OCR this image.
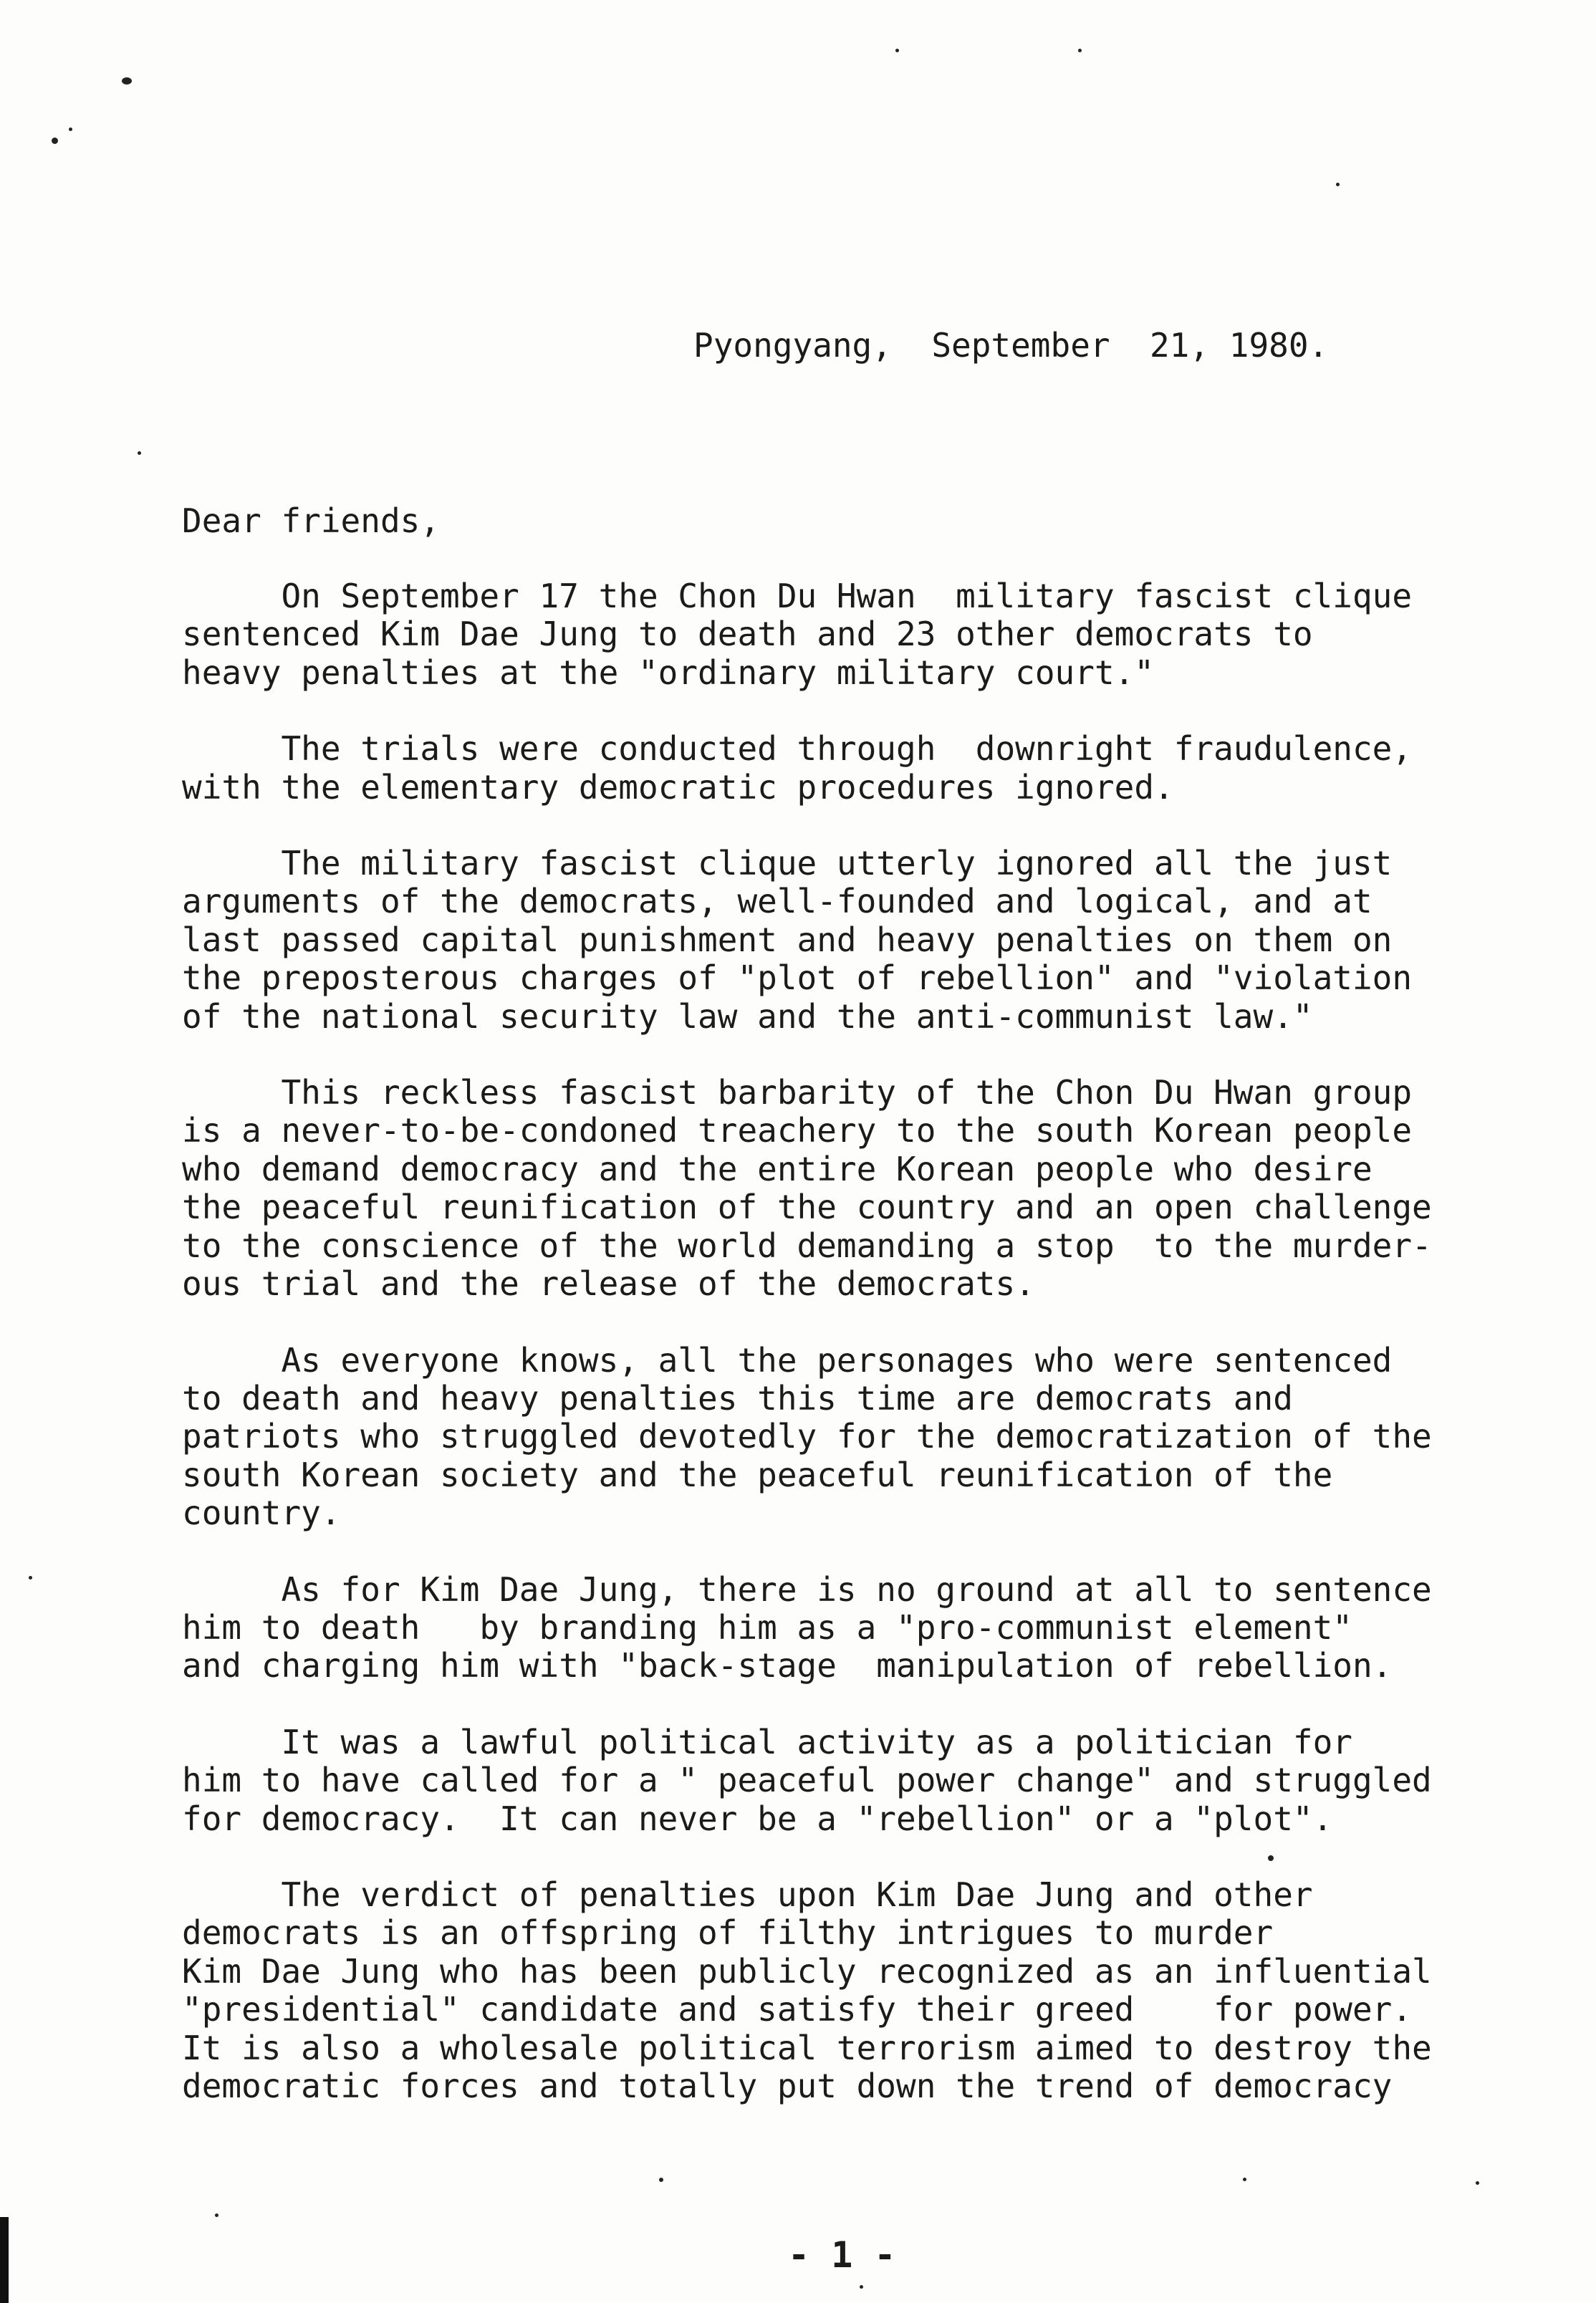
Pyongyang,  September  21, 1980.
Dear friends,

On September 17 the Chon Du Hwan  military fascist clique
sentenced Kim Dae Jung to death and 23 other democrats to
heavy penalties at the "ordinary military court."

The trials were conducted through  downright fraudulence,
with the elementary democratic procedures ignored.

The military fascist clique utterly ignored all the just
arguments of the democrats, well-founded and logical, and at
last passed capital punishment and heavy penalties on them on
the preposterous charges of "plot of rebellion" and "violation
of the national security law and the anti-communist law."

This reckless fascist barbarity of the Chon Du Hwan group
is a never-to-be-condoned treachery to the south Korean people
who demand democracy and the entire Korean people who desire
the peaceful reunification of the country and an open challenge
to the conscience of the world demanding a stop  to the murder-
ous trial and the release of the democrats.

As everyone knows, all the personages who were sentenced
to death and heavy penalties this time are democrats and
patriots who struggled devotedly for the democratization of the
south Korean society and the peaceful reunification of the
country.

As for Kim Dae Jung, there is no ground at all to sentence
him to death   by branding him as a "pro-communist element"
and charging him with "back-stage  manipulation of rebellion.

It was a lawful political activity as a politician for
him to have called for a " peaceful power change" and struggled
for democracy.  It can never be a "rebellion" or a "plot".

The verdict of penalties upon Kim Dae Jung and other
democrats is an offspring of filthy intrigues to murder
Kim Dae Jung who has been publicly recognized as an influential
"presidential" candidate and satisfy their greed    for power.
It is also a wholesale political terrorism aimed to destroy the
democratic forces and totally put down the trend of democracy

- 1 -
